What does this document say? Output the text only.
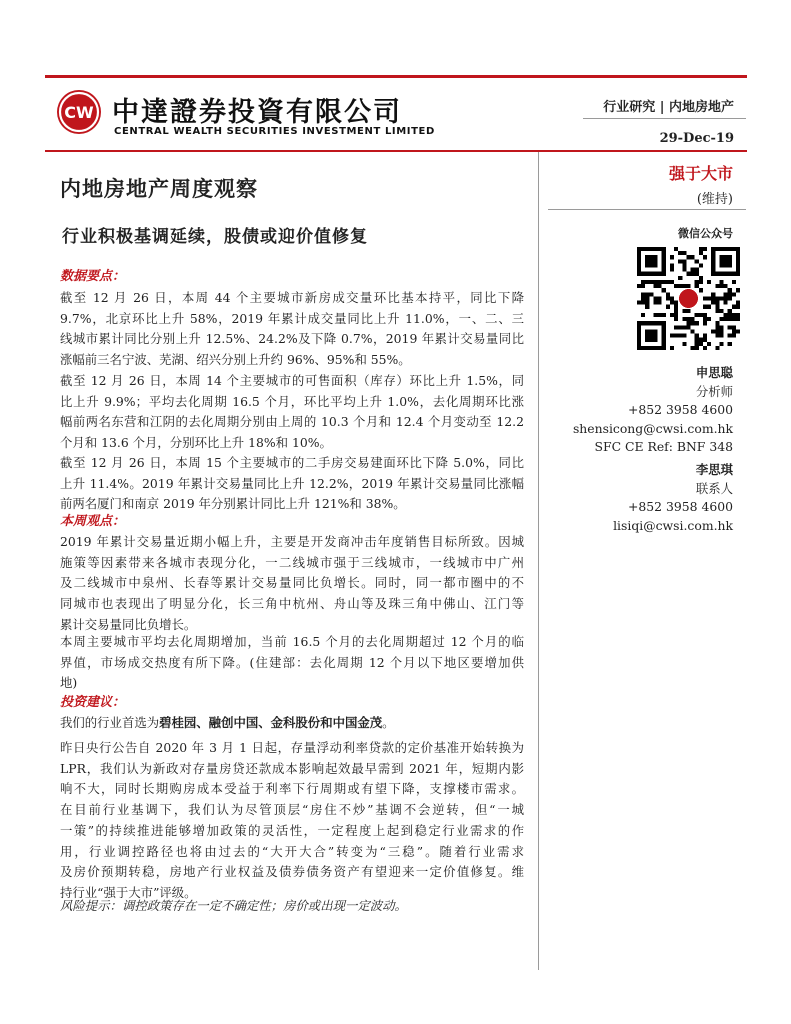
CW 中達證券投資有限公司
CENTRAL WEALTH SECURITIES INVESTMENT LIMITED
行业研究 | 内地房地产
29-Dec-19
内地房地产周度观察
行业积极基调延续，股债或迎价值修复
数据要点：
截至 12 月 26 日，本周 44 个主要城市新房成交量环比基本持平，同比下降
9.7%，北京环比上升 58%，2019 年累计成交量同比上升 11.0%，一、二、三
线城市累计同比分别上升 12.5%、24.2%及下降 0.7%，2019 年累计交易量同比
涨幅前三名宁波、芜湖、绍兴分别上升约 96%、95%和 55%。
截至 12 月 26 日，本周 14 个主要城市的可售面积（库存）环比上升 1.5%，同
比上升 9.9%；平均去化周期 16.5 个月，环比平均上升 1.0%，去化周期环比涨
幅前两名东营和江阴的去化周期分别由上周的 10.3 个月和 12.4 个月变动至 12.2
个月和 13.6 个月，分别环比上升 18%和 10%。
截至 12 月 26 日，本周 15 个主要城市的二手房交易建面环比下降 5.0%，同比
上升 11.4%。2019 年累计交易量同比上升 12.2%，2019 年累计交易量同比涨幅
前两名厦门和南京 2019 年分别累计同比上升 121%和 38%。
本周观点：
2019 年累计交易量近期小幅上升，主要是开发商冲击年度销售目标所致。因城
施策等因素带来各城市表现分化，一二线城市强于三线城市，一线城市中广州
及二线城市中泉州、长春等累计交易量同比负增长。同时，同一都市圈中的不
同城市也表现出了明显分化，长三角中杭州、舟山等及珠三角中佛山、江门等
累计交易量同比负增长。
本周主要城市平均去化周期增加，当前 16.5 个月的去化周期超过 12 个月的临
界值，市场成交热度有所下降。(住建部：去化周期 12 个月以下地区要增加供
地)
投资建议：
我们的行业首选为碧桂园、融创中国、金科股份和中国金茂。
昨日央行公告自 2020 年 3 月 1 日起，存量浮动利率贷款的定价基准开始转换为
LPR，我们认为新政对存量房贷还款成本影响起效最早需到 2021 年，短期内影
响不大，同时长期购房成本受益于利率下行周期或有望下降，支撑楼市需求。
在目前行业基调下，我们认为尽管顶层“房住不炒”基调不会逆转，但“一城
一策”的持续推进能够增加政策的灵活性，一定程度上起到稳定行业需求的作
用，行业调控路径也将由过去的“大开大合”转变为“三稳”。随着行业需求
及房价预期转稳，房地产行业权益及债券债务资产有望迎来一定价值修复。维
持行业“强于大市”评级。
风险提示：调控政策存在一定不确定性；房价或出现一定波动。
强于大市
(维持)
微信公众号
申思聪
分析师
+852 3958 4600
shensicong@cwsi.com.hk
SFC CE Ref: BNF 348
李思琪
联系人
+852 3958 4600
lisiqi@cwsi.com.hk
